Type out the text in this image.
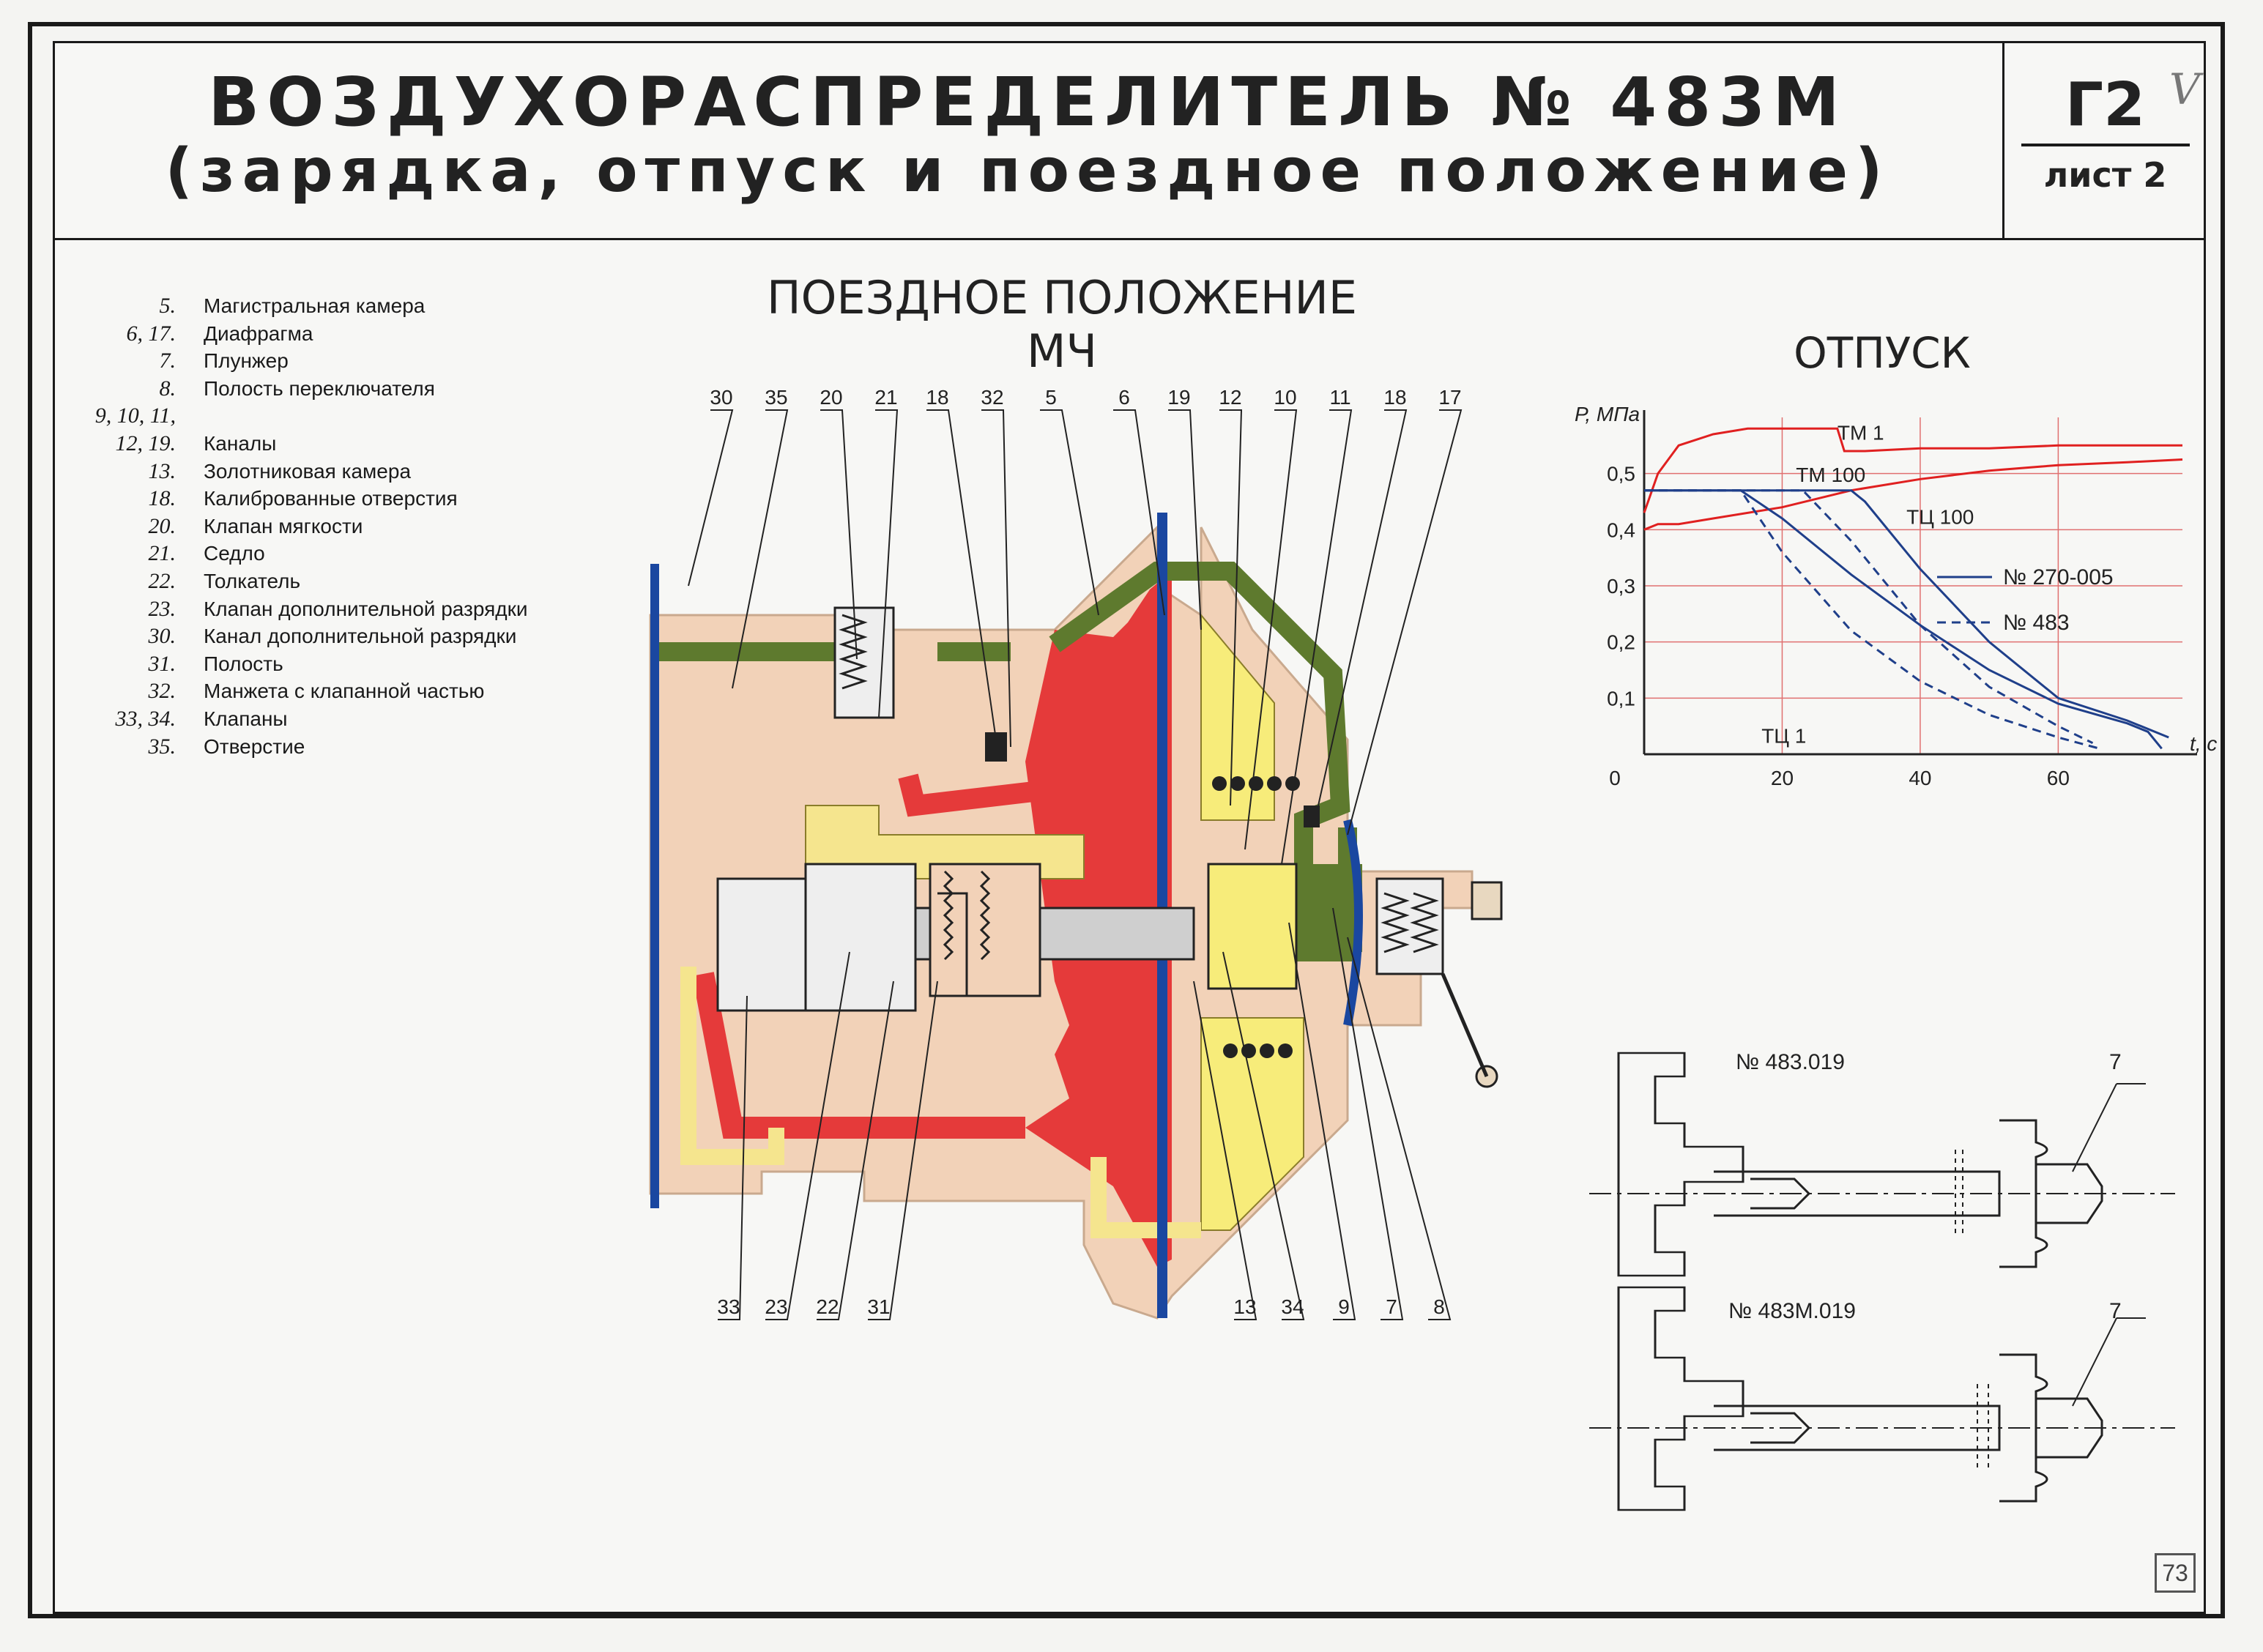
ВОЗДУХОРАСПРЕДЕЛИТЕЛЬ № 483М
(зарядка, отпуск и поездное положение)
Г2
лист 2
V
5. Магистральная камера
6, 17. Диафрагма
7. Плунжер
8. Полость переключателя
9, 10, 11,
12, 19. Каналы
13. Золотниковая камера
18. Калиброванные отверстия
20. Клапан мягкости
21. Седло
22. Толкатель
23. Клапан дополнительной разрядки
30. Канал дополнительной разрядки
31. Полость
32. Манжета с клапанной частью
33, 34. Клапаны
35. Отверстие
ПОЕЗДНОЕ ПОЛОЖЕНИЕ МЧ
30 35 20 21 18 32 5	6 19 12 10 11 18 17
33 23 22 31	13 34 9 7 8
ОТПУСК
Р, МПа
t, с
0,1
0,2
0,3
0,4
0,5
0	20	40	60
ТМ 1
ТМ 100
ТЦ 100
ТЦ 1
№ 270-005
№ 483
№ 483.019	7
№ 483М.019	7
73
